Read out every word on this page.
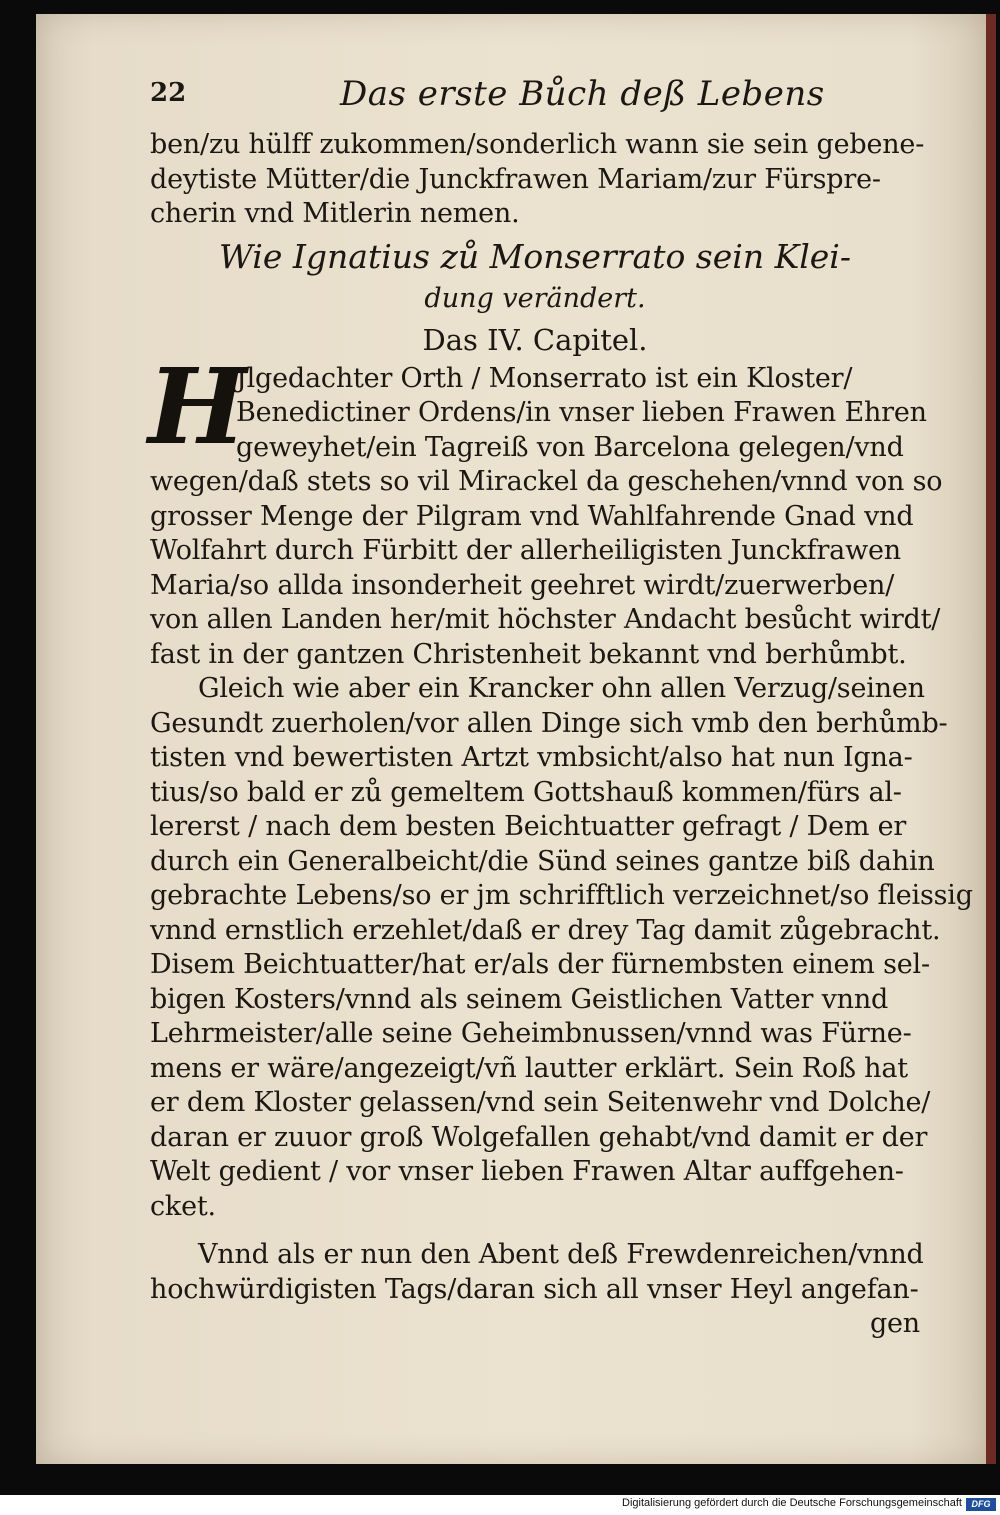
22	Das erste Bůch deß Lebens
ben/zu hülff zukommen/sonderlich wann sie sein gebene-
deytiste Mütter/die Junckfrawen Mariam/zur Fürspre-
cherin vnd Mitlerin nemen.
Wie Ignatius zů Monserrato sein Klei-
dung verändert.
Das IV. Capitel.
H
Jlgedachter Orth / Monserrato ist ein Kloster/
Benedictiner Ordens/in vnser lieben Frawen Ehren
geweyhet/ein Tagreiß von Barcelona gelegen/vnd
wegen/daß stets so vil Mirackel da geschehen/vnnd von so
grosser Menge der Pilgram vnd Wahlfahrende Gnad vnd
Wolfahrt durch Fürbitt der allerheiligisten Junckfrawen
Maria/so allda insonderheit geehret wirdt/zuerwerben/
von allen Landen her/mit höchster Andacht besůcht wirdt/
fast in der gantzen Christenheit bekannt vnd berhůmbt.
Gleich wie aber ein Krancker ohn allen Verzug/seinen
Gesundt zuerholen/vor allen Dinge sich vmb den berhůmb-
tisten vnd bewertisten Artzt vmbsicht/also hat nun Igna-
tius/so bald er zů gemeltem Gottshauß kommen/fürs al-
lererst / nach dem besten Beichtuatter gefragt / Dem er
durch ein Generalbeicht/die Sünd seines gantze biß dahin
gebrachte Lebens/so er jm schrifftlich verzeichnet/so fleissig
vnnd ernstlich erzehlet/daß er drey Tag damit zůgebracht.
Disem Beichtuatter/hat er/als der fürnembsten einem sel-
bigen Kosters/vnnd als seinem Geistlichen Vatter vnnd
Lehrmeister/alle seine Geheimbnussen/vnnd was Fürne-
mens er wäre/angezeigt/vñ lautter erklärt. Sein Roß hat
er dem Kloster gelassen/vnd sein Seitenwehr vnd Dolche/
daran er zuuor groß Wolgefallen gehabt/vnd damit er der
Welt gedient / vor vnser lieben Frawen Altar auffgehen-
cket.
Vnnd als er nun den Abent deß Frewdenreichen/vnnd
hochwürdigisten Tags/daran sich all vnser Heyl angefan-
gen
Digitalisierung gefördert durch die Deutsche Forschungsgemeinschaft	DFG
